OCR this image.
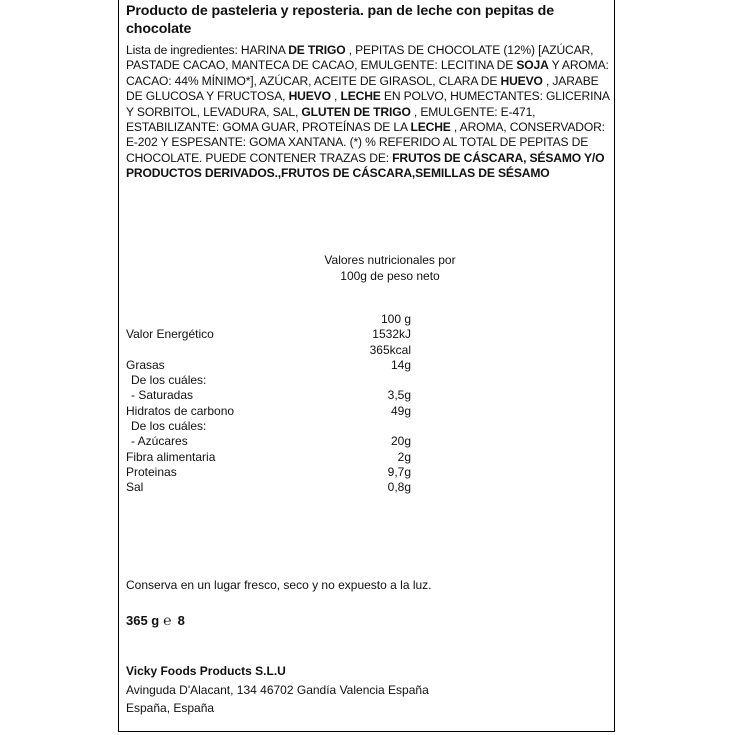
Producto de pasteleria y reposteria. pan de leche con pepitas de chocolate
Lista de ingredientes: HARINA DE TRIGO , PEPITAS DE CHOCOLATE (12%) [AZÚCAR, PASTADE CACAO, MANTECA DE CACAO, EMULGENTE: LECITINA DE SOJA Y AROMA: CACAO: 44% MÍNIMO*], AZÚCAR, ACEITE DE GIRASOL, CLARA DE HUEVO , JARABE DE GLUCOSA Y FRUCTOSA, HUEVO , LECHE EN POLVO, HUMECTANTES: GLICERINA Y SORBITOL, LEVADURA, SAL, GLUTEN DE TRIGO , EMULGENTE: E-471, ESTABILIZANTE: GOMA GUAR, PROTEÍNAS DE LA LECHE , AROMA, CONSERVADOR: E-202 Y ESPESANTE: GOMA XANTANA. (*) % REFERIDO AL TOTAL DE PEPITAS DE CHOCOLATE. PUEDE CONTENER TRAZAS DE: FRUTOS DE CÁSCARA, SÉSAMO Y/O PRODUCTOS DERIVADOS.,FRUTOS DE CÁSCARA,SEMILLAS DE SÉSAMO
Valores nutricionales por
100g de peso neto
100 g
Valor Energético	1532kJ
365kcal
Grasas	14g
De los cuáles:
- Saturadas	3,5g
Hidratos de carbono	49g
De los cuáles:
- Azúcares	20g
Fibra alimentaria	2g
Proteinas	9,7g
Sal	0,8g
Conserva en un lugar fresco, seco y no expuesto a la luz.
365 g ℮ 8
Vicky Foods Products S.L.U
Avinguda D'Alacant, 134 46702 Gandía Valencia España
España, España
